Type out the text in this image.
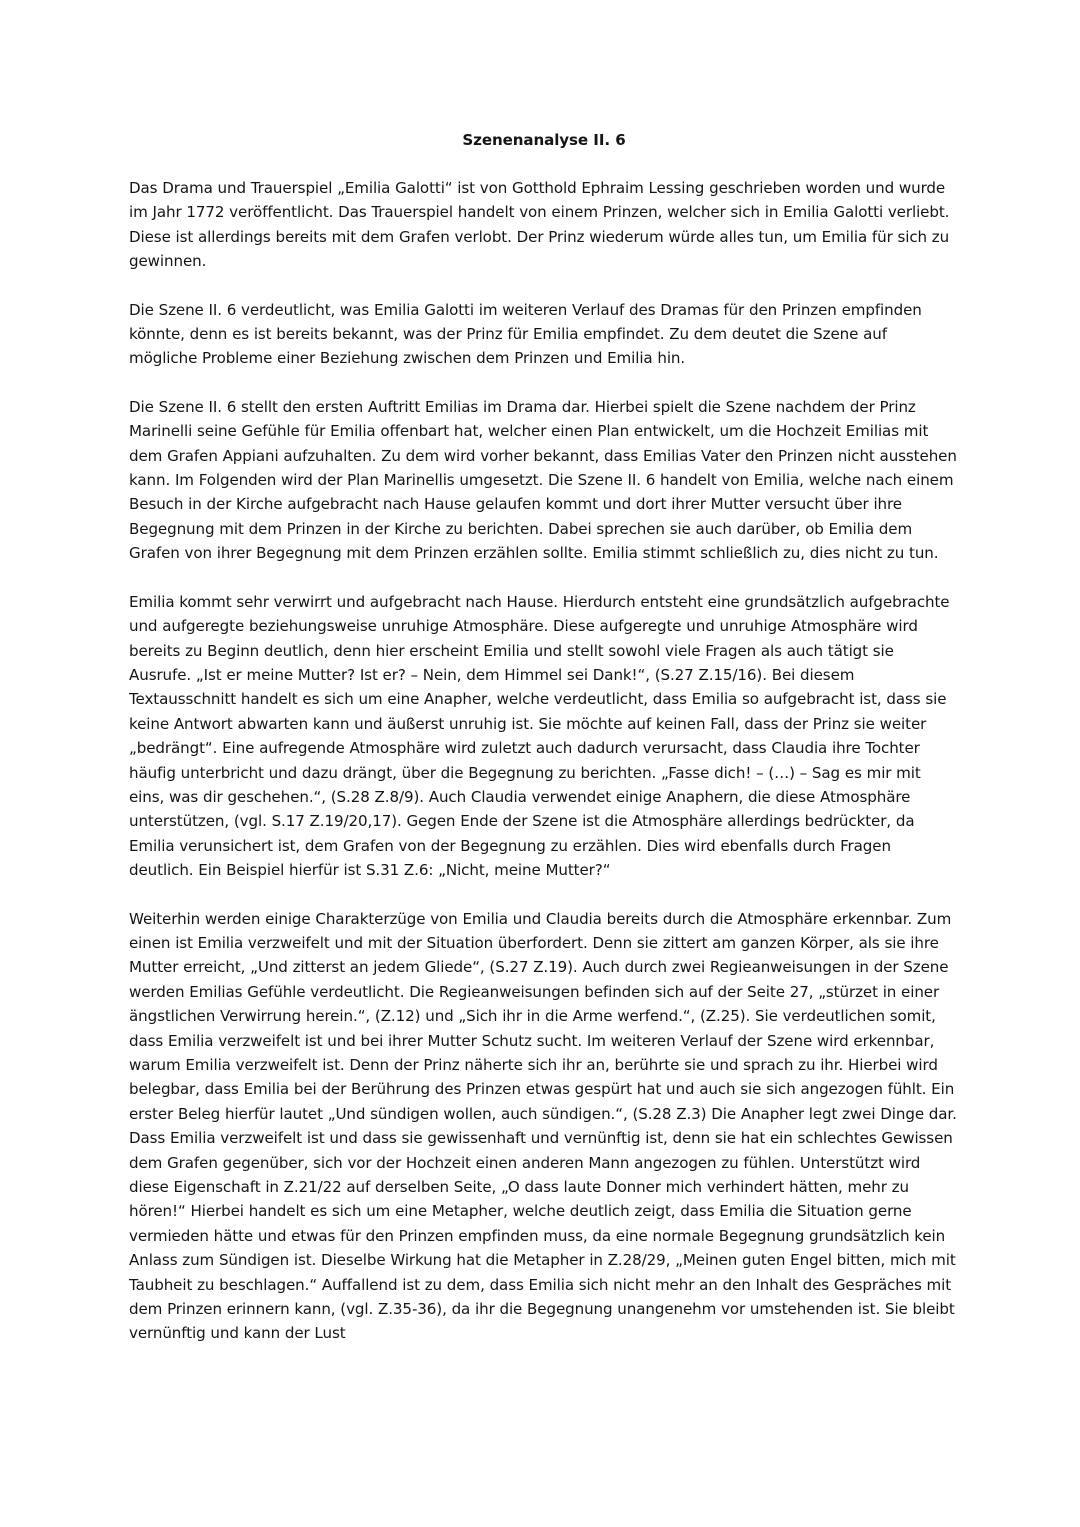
Szenenanalyse II. 6

Das Drama und Trauerspiel „Emilia Galotti“ ist von Gotthold Ephraim Lessing geschrieben worden und wurde im Jahr 1772 veröffentlicht. Das Trauerspiel handelt von einem Prinzen, welcher sich in Emilia Galotti verliebt. Diese ist allerdings bereits mit dem Grafen verlobt. Der Prinz wiederum würde alles tun, um Emilia für sich zu gewinnen.

Die Szene II. 6 verdeutlicht, was Emilia Galotti im weiteren Verlauf des Dramas für den Prinzen empfinden könnte, denn es ist bereits bekannt, was der Prinz für Emilia empfindet. Zu dem deutet die Szene auf mögliche Probleme einer Beziehung zwischen dem Prinzen und Emilia hin.

Die Szene II. 6 stellt den ersten Auftritt Emilias im Drama dar. Hierbei spielt die Szene nachdem der Prinz Marinelli seine Gefühle für Emilia offenbart hat, welcher einen Plan entwickelt, um die Hochzeit Emilias mit dem Grafen Appiani aufzuhalten. Zu dem wird vorher bekannt, dass Emilias Vater den Prinzen nicht ausstehen kann. Im Folgenden wird der Plan Marinellis umgesetzt. Die Szene II. 6 handelt von Emilia, welche nach einem Besuch in der Kirche aufgebracht nach Hause gelaufen kommt und dort ihrer Mutter versucht über ihre Begegnung mit dem Prinzen in der Kirche zu berichten. Dabei sprechen sie auch darüber, ob Emilia dem Grafen von ihrer Begegnung mit dem Prinzen erzählen sollte. Emilia stimmt schließlich zu, dies nicht zu tun.

Emilia kommt sehr verwirrt und aufgebracht nach Hause. Hierdurch entsteht eine grundsätzlich aufgebrachte und aufgeregte beziehungsweise unruhige Atmosphäre. Diese aufgeregte und unruhige Atmosphäre wird bereits zu Beginn deutlich, denn hier erscheint Emilia und stellt sowohl viele Fragen als auch tätigt sie Ausrufe. „Ist er meine Mutter? Ist er? – Nein, dem Himmel sei Dank!“, (S.27 Z.15/16). Bei diesem Textausschnitt handelt es sich um eine Anapher, welche verdeutlicht, dass Emilia so aufgebracht ist, dass sie keine Antwort abwarten kann und äußerst unruhig ist. Sie möchte auf keinen Fall, dass der Prinz sie weiter „bedrängt“. Eine aufregende Atmosphäre wird zuletzt auch dadurch verursacht, dass Claudia ihre Tochter häufig unterbricht und dazu drängt, über die Begegnung zu berichten. „Fasse dich! – (…) – Sag es mir mit eins, was dir geschehen.“, (S.28 Z.8/9). Auch Claudia verwendet einige Anaphern, die diese Atmosphäre unterstützen, (vgl. S.17 Z.19/20,17). Gegen Ende der Szene ist die Atmosphäre allerdings bedrückter, da Emilia verunsichert ist, dem Grafen von der Begegnung zu erzählen. Dies wird ebenfalls durch Fragen deutlich. Ein Beispiel hierfür ist S.31 Z.6: „Nicht, meine Mutter?“

Weiterhin werden einige Charakterzüge von Emilia und Claudia bereits durch die Atmosphäre erkennbar. Zum einen ist Emilia verzweifelt und mit der Situation überfordert. Denn sie zittert am ganzen Körper, als sie ihre Mutter erreicht, „Und zitterst an jedem Gliede“, (S.27 Z.19). Auch durch zwei Regieanweisungen in der Szene werden Emilias Gefühle verdeutlicht. Die Regieanweisungen befinden sich auf der Seite 27, „stürzet in einer ängstlichen Verwirrung herein.“, (Z.12) und „Sich ihr in die Arme werfend.“, (Z.25). Sie verdeutlichen somit, dass Emilia verzweifelt ist und bei ihrer Mutter Schutz sucht. Im weiteren Verlauf der Szene wird erkennbar, warum Emilia verzweifelt ist. Denn der Prinz näherte sich ihr an, berührte sie und sprach zu ihr. Hierbei wird belegbar, dass Emilia bei der Berührung des Prinzen etwas gespürt hat und auch sie sich angezogen fühlt. Ein erster Beleg hierfür lautet „Und sündigen wollen, auch sündigen.“, (S.28 Z.3) Die Anapher legt zwei Dinge dar. Dass Emilia verzweifelt ist und dass sie gewissenhaft und vernünftig ist, denn sie hat ein schlechtes Gewissen dem Grafen gegenüber, sich vor der Hochzeit einen anderen Mann angezogen zu fühlen. Unterstützt wird diese Eigenschaft in Z.21/22 auf derselben Seite, „O dass laute Donner mich verhindert hätten, mehr zu hören!“ Hierbei handelt es sich um eine Metapher, welche deutlich zeigt, dass Emilia die Situation gerne vermieden hätte und etwas für den Prinzen empfinden muss, da eine normale Begegnung grundsätzlich kein Anlass zum Sündigen ist. Dieselbe Wirkung hat die Metapher in Z.28/29, „Meinen guten Engel bitten, mich mit Taubheit zu beschlagen.“ Auffallend ist zu dem, dass Emilia sich nicht mehr an den Inhalt des Gespräches mit dem Prinzen erinnern kann, (vgl. Z.35-36), da ihr die Begegnung unangenehm vor umstehenden ist. Sie bleibt vernünftig und kann der Lust
